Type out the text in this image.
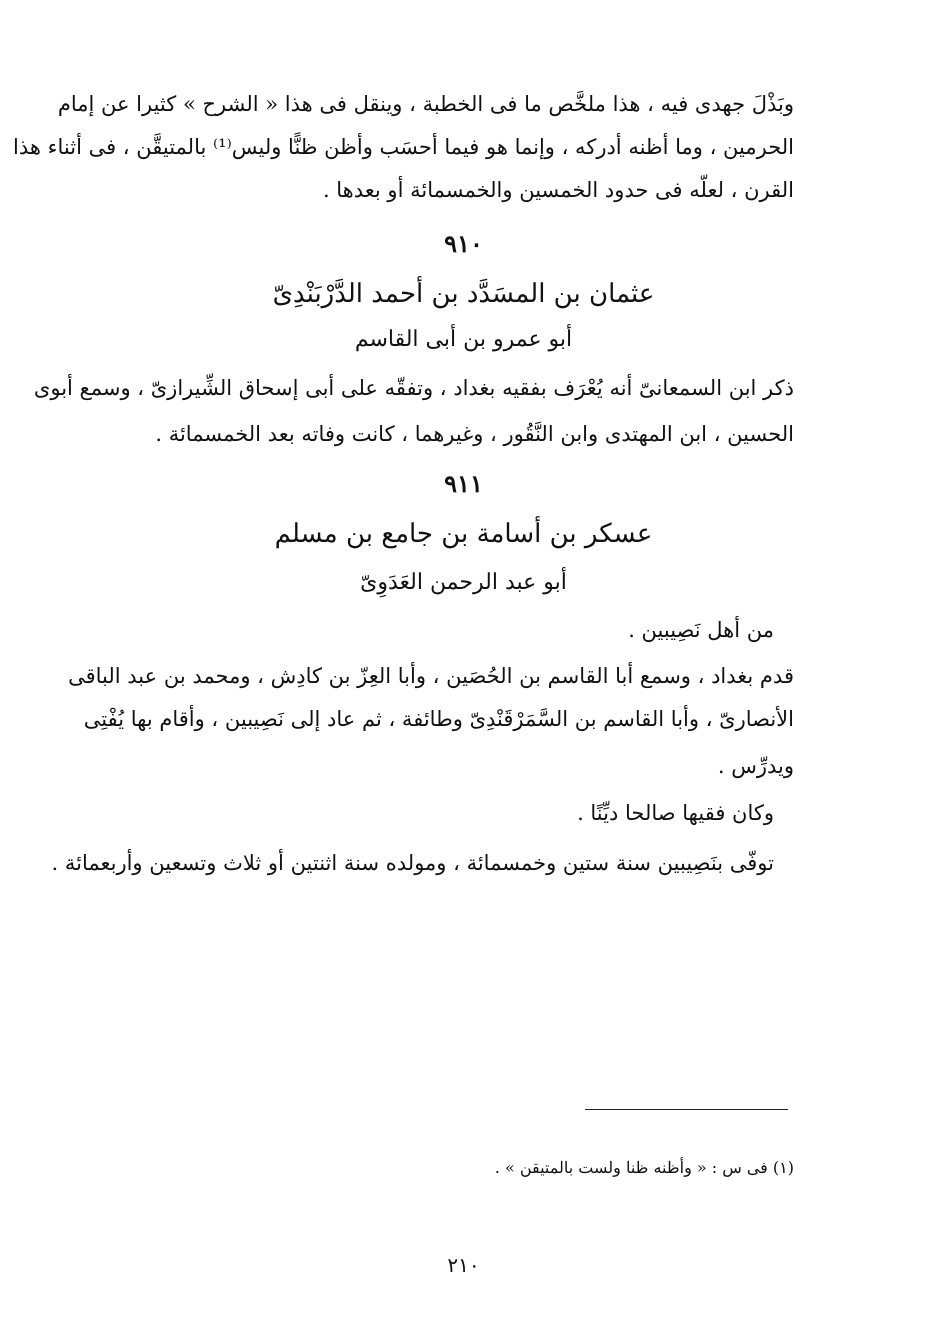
وبَذْلَ جهدى فيه ، هذا ملخَّص ما فى الخطبة ، وينقل فى هذا « الشرح » كثيرا عن إمام
الحرمين ، وما أظنه أدركه ، وإنما هو فيما أحسَب وأظن ظنًّا وليس⁽¹⁾ بالمتيقَّن ، فى أثناء هذا
القرن ، لعلّه فى حدود الخمسين والخمسمائة أو بعدها .
٩١٠
عثمان بن المسَدَّد بن أحمد الدَّرْبَنْدِىّ
أبو عمرو بن أبى القاسم
ذكر ابن السمعانىّ أنه يُعْرَف بفقيه بغداد ، وتفقّه على أبى إسحاق الشِّيرازىّ ، وسمع أبوى
الحسين ، ابن المهتدى وابن النَّقُور ، وغيرهما ، كانت وفاته بعد الخمسمائة .
٩١١
عسكر بن أسامة بن جامع بن مسلم
أبو عبد الرحمن العَدَوِىّ
من أهل نَصِيبين .
قدم بغداد ، وسمع أبا القاسم بن الحُصَين ، وأبا العِزّ بن كادِش ، ومحمد بن عبد الباقى
الأنصارىّ ، وأبا القاسم بن السَّمَرْقَنْدِىّ وطائفة ، ثم عاد إلى نَصِيبين ، وأقام بها يُفْتِى
ويدرِّس .
وكان فقيها صالحا ديِّنًا .
توفّى بنَصِيبين سنة ستين وخمسمائة ، ومولده سنة اثنتين أو ثلاث وتسعين وأربعمائة .
(١) فى س : « وأظنه ظنا ولست بالمتيقن » .
٢١٠
